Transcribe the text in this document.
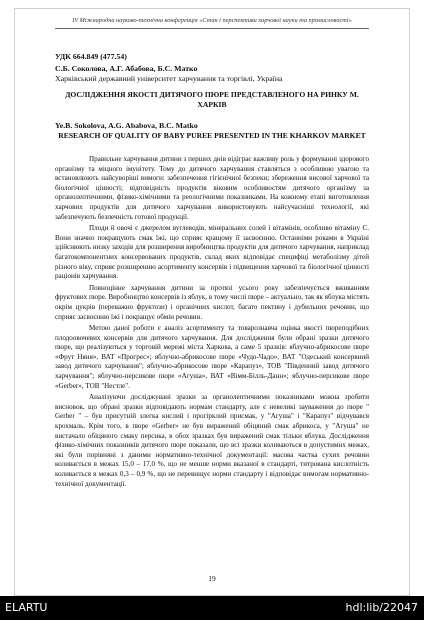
IV Міжнародна науково-технічна конференція «Стан і перспективи харчової науки та промисловості»
УДК 664.849 (477.54)
С.Б. Соколова, А.Г. Абабова, Б.С. Матко
Харківський державний університет харчування та торгівлі, Україна
ДОСЛІДЖЕННЯ ЯКОСТІ ДИТЯЧОГО ПЮРЕ ПРЕДСТАВЛЕНОГО НА РИНКУ М. ХАРКІВ
Ye.B. Sokolova, A.G. Ababova, B.C. Matko
RESEARCH OF QUALITY OF BABY PUREE PRESENTED IN THE KHARKOV MARKET

Правильне харчування дитини з перших днів відіграє важливу роль у формуванні здорового організму та міцного імунітету. Тому до дитячого харчування ставляться з особливою увагою та встановлюють найсуворіші вимоги: забезпечення гігієнічної безпеки; збереження висової харчової та біологічної цінності; відповідність продуктів віковим особливостям дитячого організму за органолептичними, фізико-хімічними та реологічними показниками. На кожному етапі виготовлення харчових продуктів для дитячого харчування використовують найсучасніші технології, які забезпечують безпечність готової продукції.

Плоди й овочі є джерелом вуглеводів, мінеральних солей і вітамінів, особливо вітаміну С. Вони значно покращують смак їжі, що сприяє кращому її засвоєнню. Останніми роками в Україні здійснюють низку заходів для розширення виробництва продуктів для дитячого харчування, наприклад багатокомпонентних консервованих продуктів, склад яких відповідає специфіці метаболізму дітей різного віку, сприяє розширенню асортименту консервів і підвищення харчової та біологічної цінності раціонів харчування.

Повноцінне харчування дитини за протязі усього року забезпечується вживанням фруктових пюре. Виробництво консервів із яблук, в тому числі пюре – актуально, так як яблука містять окрім цукрів (переважно фруктози) і органічних кислот, багато пектину і дубильних речовин, що сприяє засвоєнню їжі і покращує обмін речовин.

Метою даної роботи є аналіз асортименту та товарознавча оцінка якості пюреподібних плодоовочевих консервів для дитячого харчування. Для дослідження були обрані зразки дитячого пюре, що реалізуються у торговій мережі міста Харкова, а саме 5 зразків: яблучно-абрикосове пюре «Фрут Няня», ВАТ «Прогрес»; яблучно-абрикосове пюре «Чудо-Чадо», ВАТ "Одеський консервний завод дитячого харчування"; яблучно-абрикосове пюре «Карапуз», ТОВ "Південний завод дитячого харчування"; яблучно-персикове пюре «Агуша», ВАТ «Вімм-Білль-Данн»; яблучно-персикове пюре «Gerber», ТОВ "Нестле".

Аналізуючи досліджувані зразки за органолептичними показниками можна зробити висновок, що обрані зразки відповідають нормам стандарту, але є невеликі зауваження до пюре " Gerber " – був присутній злегка кислий і прогірклий присмак, у "Агуша" і "Карапуз" відчувався крохмаль. Крім того, в пюре «Gerber» не був виражений обіцяний смак абрикоса, у "Агуша" не вистачало обіцяного смаку персика, в обох зразках був виражений смак тільки яблука. Дослідження фізико-хімічних показників дитячого пюре показали, що всі зразки коливаються в допустимих межах, які були порівняні з даними нормативно-технічної документації: масова частка сухих речовин коливається в межах 15,0 – 17,0 %, що не менше норми вказаної в стандарті, титрована кислотність коливається в межах 0,3 – 0,9 %, що не перевищує норми стандарту і відповідає вимогам нормативно-технічної документації.

19
ELARTU	hdl:lib/22047
